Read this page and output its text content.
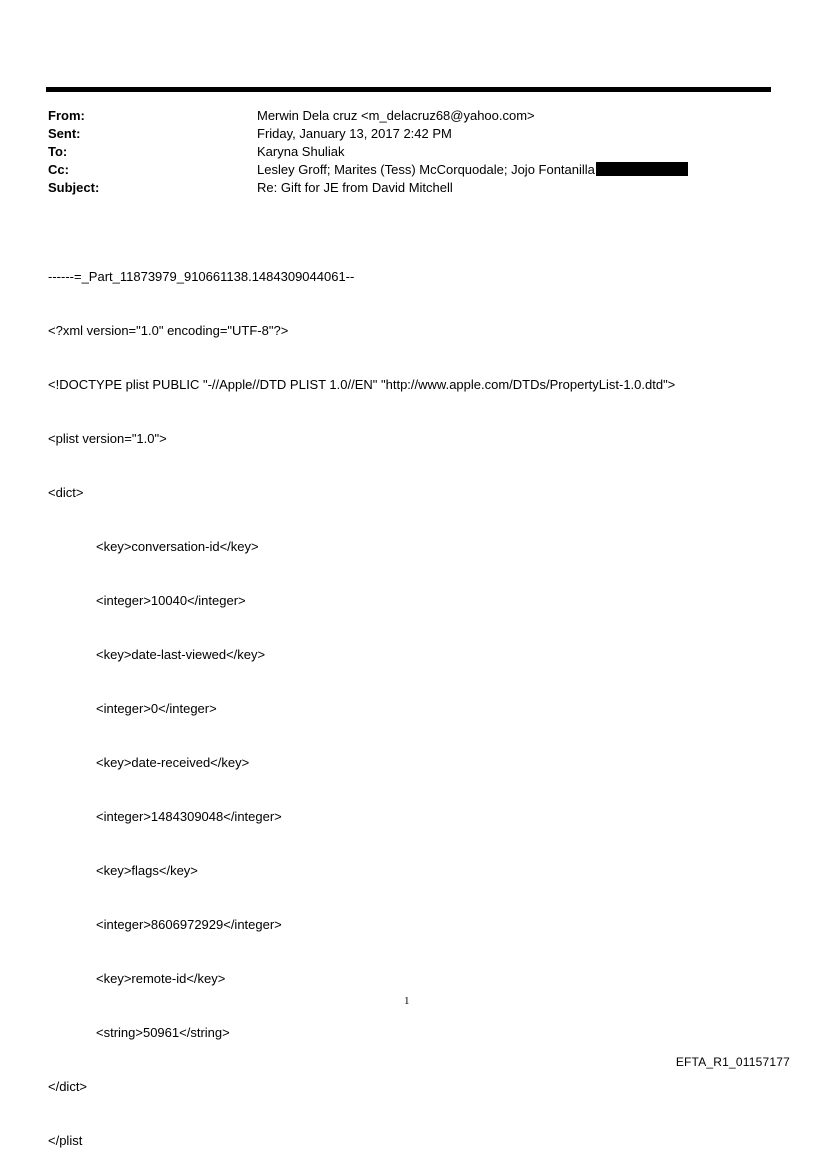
From:	Merwin Dela cruz <m_delacruz68@yahoo.com>
Sent:	Friday, January 13, 2017 2:42 PM
To:	Karyna Shuliak
Cc:	Lesley Groff; Marites (Tess) McCorquodale; Jojo Fontanilla
Subject:	Re: Gift for JE from David Mitchell

------=_Part_11873979_910661138.1484309044061--

<?xml version="1.0" encoding="UTF-8"?>

<!DOCTYPE plist PUBLIC "-//Apple//DTD PLIST 1.0//EN" "http://www.apple.com/DTDs/PropertyList-1.0.dtd">

<plist version="1.0">

<dict>

<key>conversation-id</key>

<integer>10040</integer>

<key>date-last-viewed</key>

<integer>0</integer>

<key>date-received</key>

<integer>1484309048</integer>

<key>flags</key>

<integer>8606972929</integer>

<key>remote-id</key>

<string>50961</string>

</dict>

</plist

1
EFTA_R1_01157177
